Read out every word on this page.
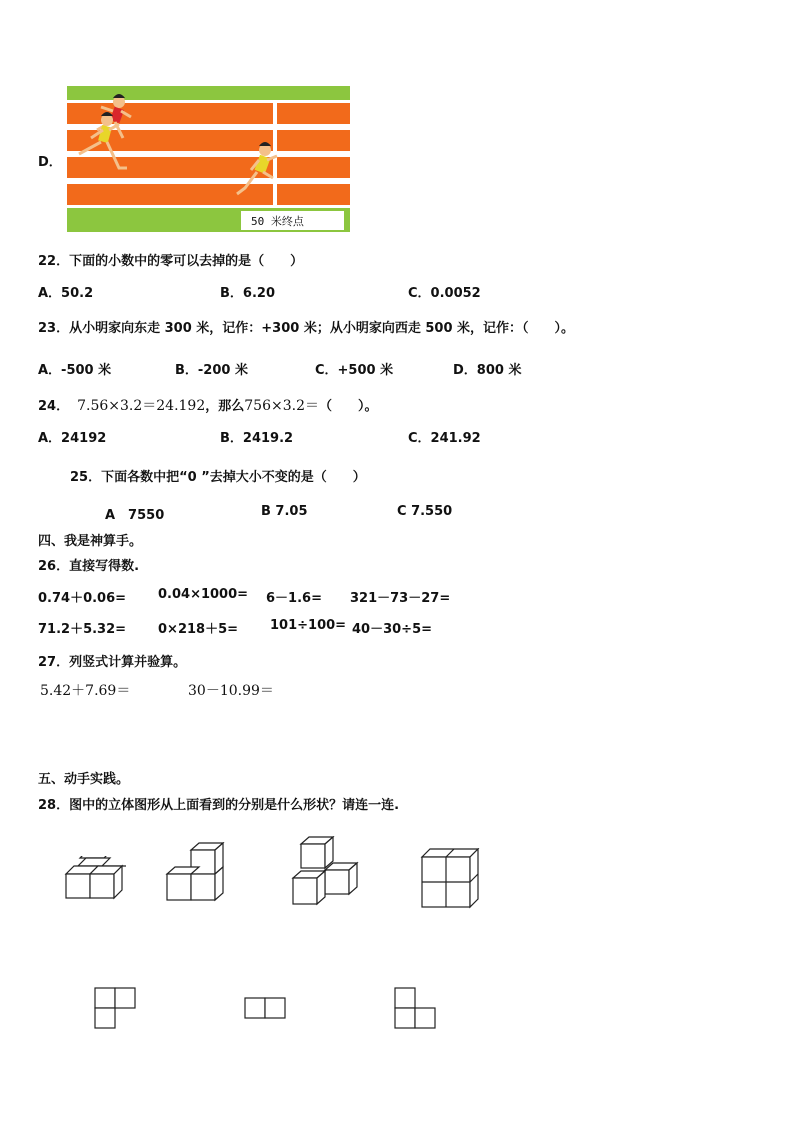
D．
50 米终点
22．下面的小数中的零可以去掉的是（　　）
A．50.2	B．6.20	C．0.0052
23．从小明家向东走 300 米，记作：+300 米；从小明家向西走 500 米，记作：（　　）。
A．-500 米	B．-200 米	C．+500 米	D．800 米
24． 7.56×3.2＝24.192，那么756×3.2＝（　　）。
A．24192	B．2419.2	C．241.92
25．下面各数中把“0 ”去掉大小不变的是（　　）
A　7550	B 7.05	C 7.550
四、我是神算手。
26．直接写得数.
0.74＋0.06= 0.04×1000= 6－1.6= 321－73－27=
71.2＋5.32= 0×218＋5= 101÷100= 40－30÷5=
27．列竖式计算并验算。
5.42＋7.69＝	30－10.99＝
五、动手实践。
28．图中的立体图形从上面看到的分别是什么形状？请连一连.
